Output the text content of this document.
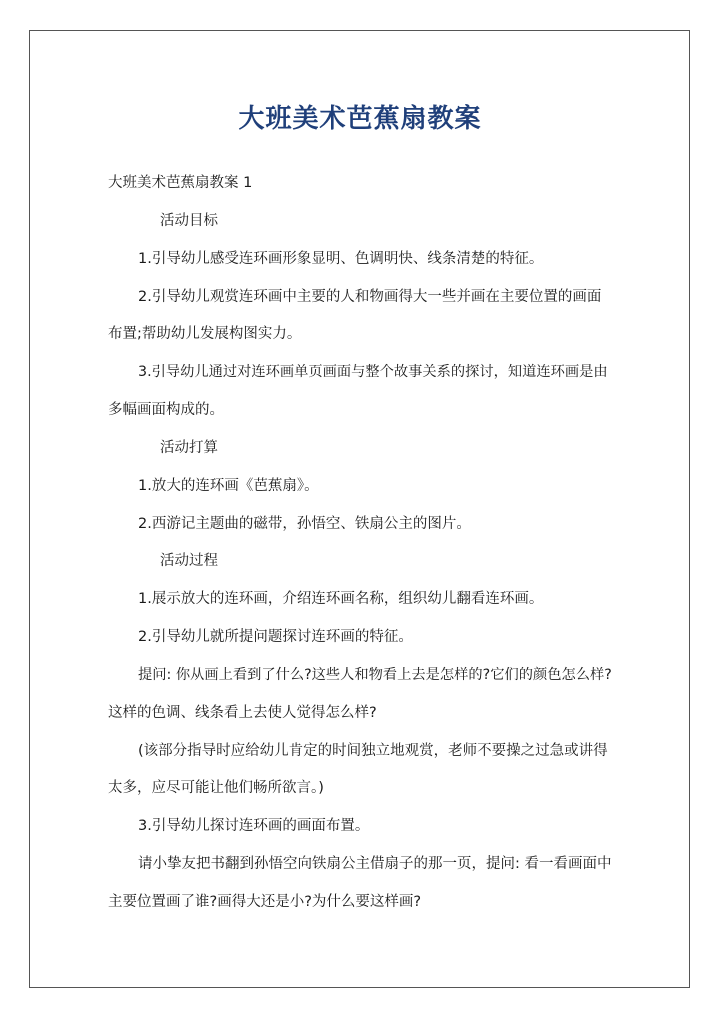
大班美术芭蕉扇教案

大班美术芭蕉扇教案 1

活动目标

1.引导幼儿感受连环画形象显明、色调明快、线条清楚的特征。

2.引导幼儿观赏连环画中主要的人和物画得大一些并画在主要位置的画面

布置;帮助幼儿发展构图实力。

3.引导幼儿通过对连环画单页画面与整个故事关系的探讨，知道连环画是由

多幅画面构成的。

活动打算

1.放大的连环画《芭蕉扇》。

2.西游记主题曲的磁带，孙悟空、铁扇公主的图片。

活动过程

1.展示放大的连环画，介绍连环画名称，组织幼儿翻看连环画。

2.引导幼儿就所提问题探讨连环画的特征。

提问: 你从画上看到了什么?这些人和物看上去是怎样的?它们的颜色怎么样?

这样的色调、线条看上去使人觉得怎么样?

(该部分指导时应给幼儿肯定的时间独立地观赏，老师不要操之过急或讲得

太多，应尽可能让他们畅所欲言。)

3.引导幼儿探讨连环画的画面布置。

请小挚友把书翻到孙悟空向铁扇公主借扇子的那一页，提问: 看一看画面中

主要位置画了谁?画得大还是小?为什么要这样画?
